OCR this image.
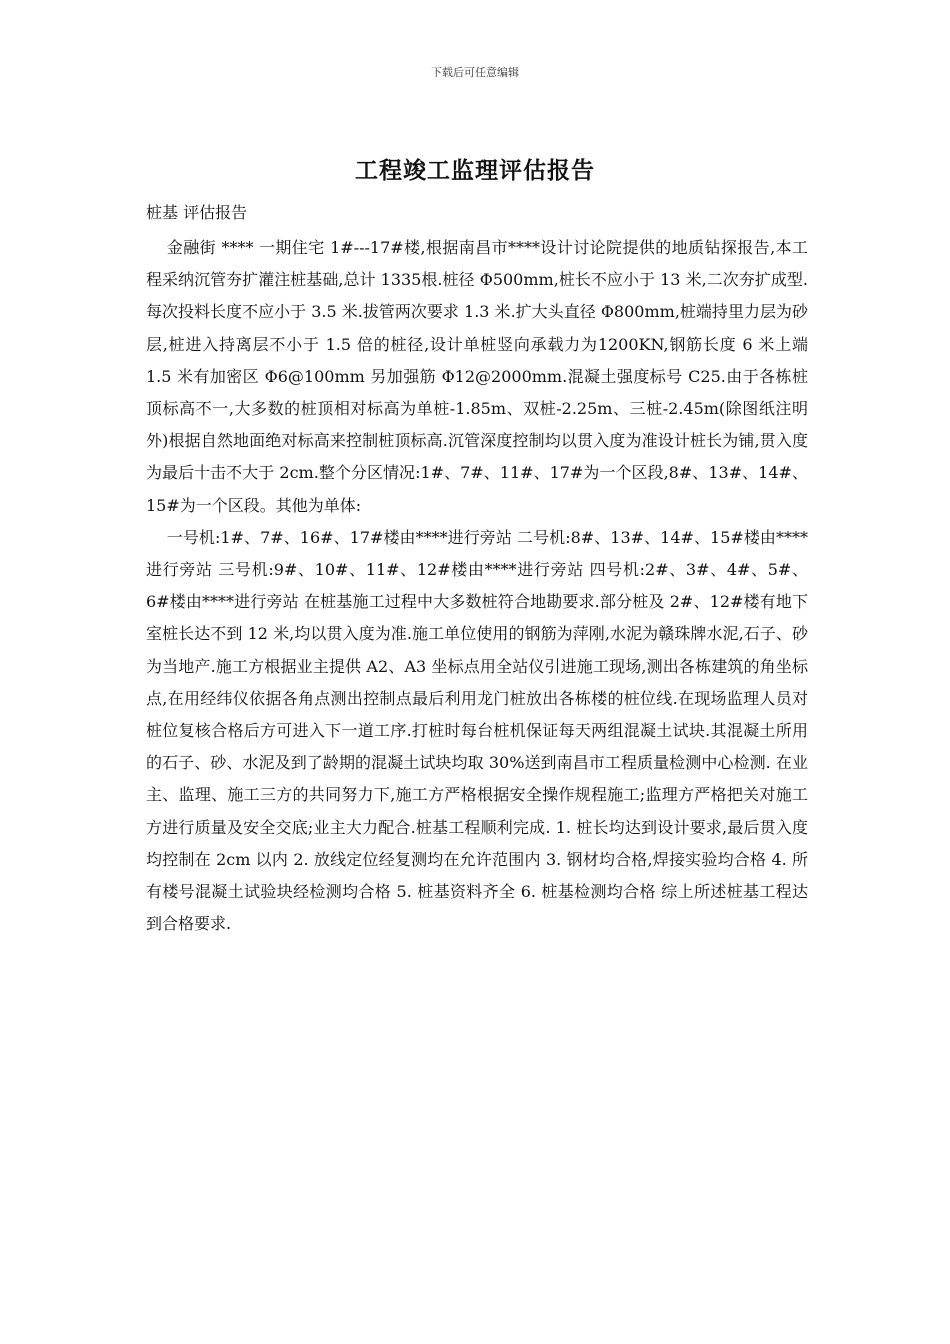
下载后可任意编辑
工程竣工监理评估报告
桩基 评估报告

金融街 **** 一期住宅 1#---17#楼,根据南昌市****设计讨论院提供的地质钻探报告,本工程采纳沉管夯扩灌注桩基础,总计 1335根.桩径 Φ500mm,桩长不应小于 13 米,二次夯扩成型.每次投料长度不应小于 3.5 米.拔管两次要求 1.3 米.扩大头直径 Φ800mm,桩端持里力层为砂层,桩进入持离层不小于 1.5 倍的桩径,设计单桩竖向承载力为1200KN,钢筋长度 6 米上端 1.5 米有加密区 Φ6@100mm 另加强筋 Φ12@2000mm.混凝土强度标号 C25.由于各栋桩顶标高不一,大多数的桩顶相对标高为单桩-1.85m、双桩-2.25m、三桩-2.45m(除图纸注明外)根据自然地面绝对标高来控制桩顶标高.沉管深度控制均以贯入度为准设计桩长为铺,贯入度为最后十击不大于 2cm.整个分区情况:1#、7#、11#、17#为一个区段,8#、13#、14#、15#为一个区段。其他为单体:

一号机:1#、7#、16#、17#楼由****进行旁站 二号机:8#、13#、14#、15#楼由****进行旁站 三号机:9#、10#、11#、12#楼由****进行旁站 四号机:2#、3#、4#、5#、6#楼由****进行旁站 在桩基施工过程中大多数桩符合地勘要求.部分桩及 2#、12#楼有地下室桩长达不到 12 米,均以贯入度为准.施工单位使用的钢筋为萍刚,水泥为赣珠牌水泥,石子、砂为当地产.施工方根据业主提供 A2、A3 坐标点用全站仪引进施工现场,测出各栋建筑的角坐标点,在用经纬仪依据各角点测出控制点最后利用龙门桩放出各栋楼的桩位线.在现场监理人员对桩位复核合格后方可进入下一道工序.打桩时每台桩机保证每天两组混凝土试块.其混凝土所用的石子、砂、水泥及到了龄期的混凝土试块均取 30%送到南昌市工程质量检测中心检测. 在业主、监理、施工三方的共同努力下,施工方严格根据安全操作规程施工;监理方严格把关对施工方进行质量及安全交底;业主大力配合.桩基工程顺利完成. 1. 桩长均达到设计要求,最后贯入度均控制在 2cm 以内 2. 放线定位经复测均在允许范围内 3. 钢材均合格,焊接实验均合格 4. 所有楼号混凝土试验块经检测均合格 5. 桩基资料齐全 6. 桩基检测均合格 综上所述桩基工程达到合格要求.
